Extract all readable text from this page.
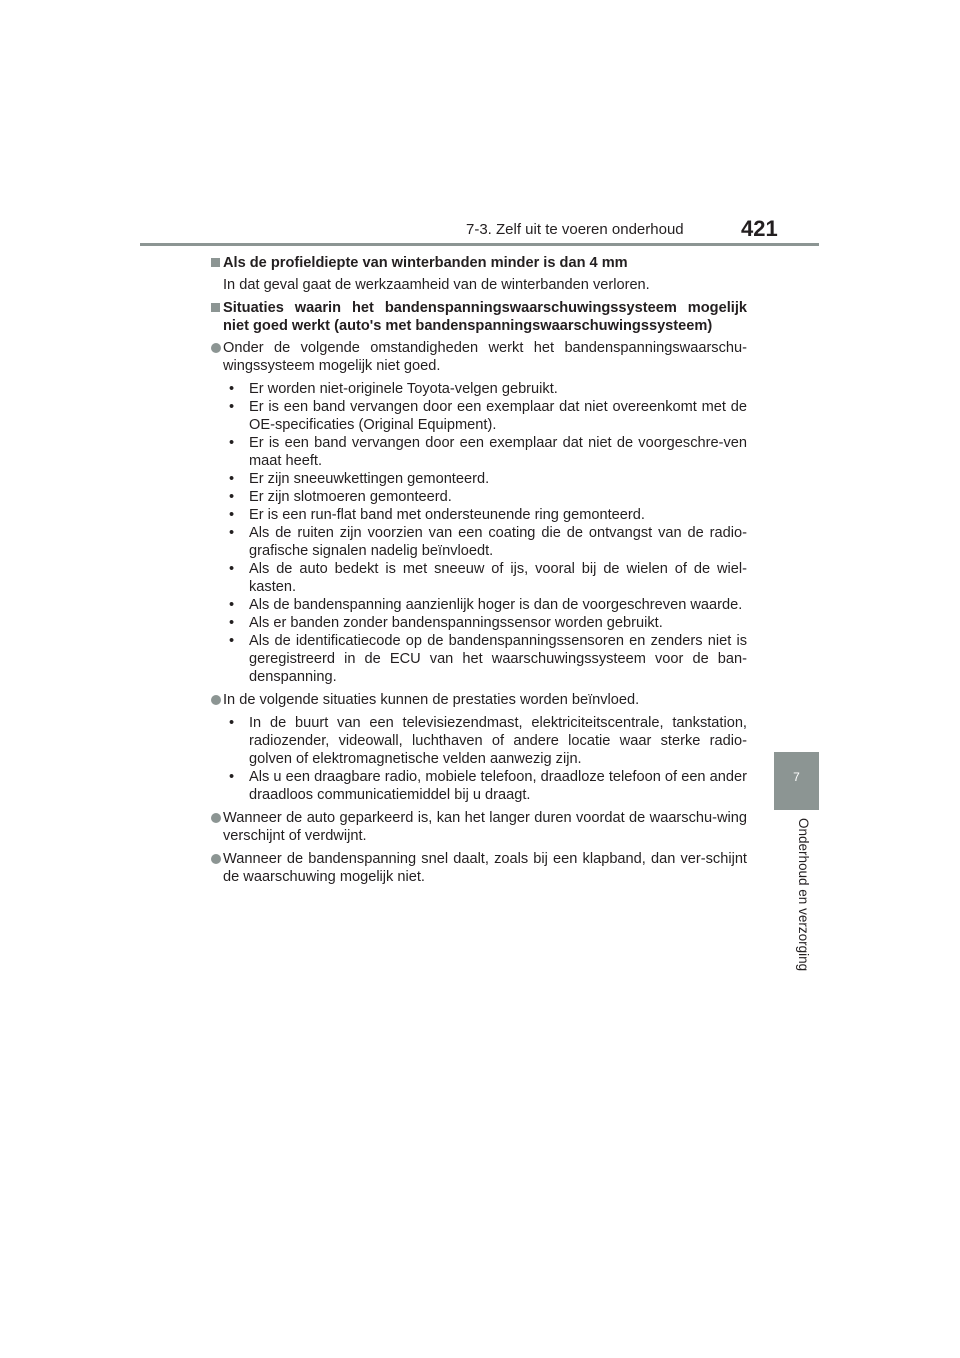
7-3. Zelf uit te voeren onderhoud	421
7
Onderhoud en verzorging
Als de profieldiepte van winterbanden minder is dan 4 mm
In dat geval gaat de werkzaamheid van de winterbanden verloren.
Situaties waarin het bandenspanningswaarschuwingssysteem mogelijk niet goed werkt (auto's met bandenspanningswaarschuwingssysteem)
Onder de volgende omstandigheden werkt het bandenspanningswaarschu-wingssysteem mogelijk niet goed.
• Er worden niet-originele Toyota-velgen gebruikt.
• Er is een band vervangen door een exemplaar dat niet overeenkomt met de OE-specificaties (Original Equipment).
• Er is een band vervangen door een exemplaar dat niet de voorgeschre-ven maat heeft.
• Er zijn sneeuwkettingen gemonteerd.
• Er zijn slotmoeren gemonteerd.
• Er is een run-flat band met ondersteunende ring gemonteerd.
• Als de ruiten zijn voorzien van een coating die de ontvangst van de radio-grafische signalen nadelig beïnvloedt.
• Als de auto bedekt is met sneeuw of ijs, vooral bij de wielen of de wiel-kasten.
• Als de bandenspanning aanzienlijk hoger is dan de voorgeschreven waarde.
• Als er banden zonder bandenspanningssensor worden gebruikt.
• Als de identificatiecode op de bandenspanningssensoren en zenders niet is geregistreerd in de ECU van het waarschuwingssysteem voor de ban-denspanning.
In de volgende situaties kunnen de prestaties worden beïnvloed.
• In de buurt van een televisiezendmast, elektriciteitscentrale, tankstation, radiozender, videowall, luchthaven of andere locatie waar sterke radio-golven of elektromagnetische velden aanwezig zijn.
• Als u een draagbare radio, mobiele telefoon, draadloze telefoon of een ander draadloos communicatiemiddel bij u draagt.
Wanneer de auto geparkeerd is, kan het langer duren voordat de waarschu-wing verschijnt of verdwijnt.
Wanneer de bandenspanning snel daalt, zoals bij een klapband, dan ver-schijnt de waarschuwing mogelijk niet.
